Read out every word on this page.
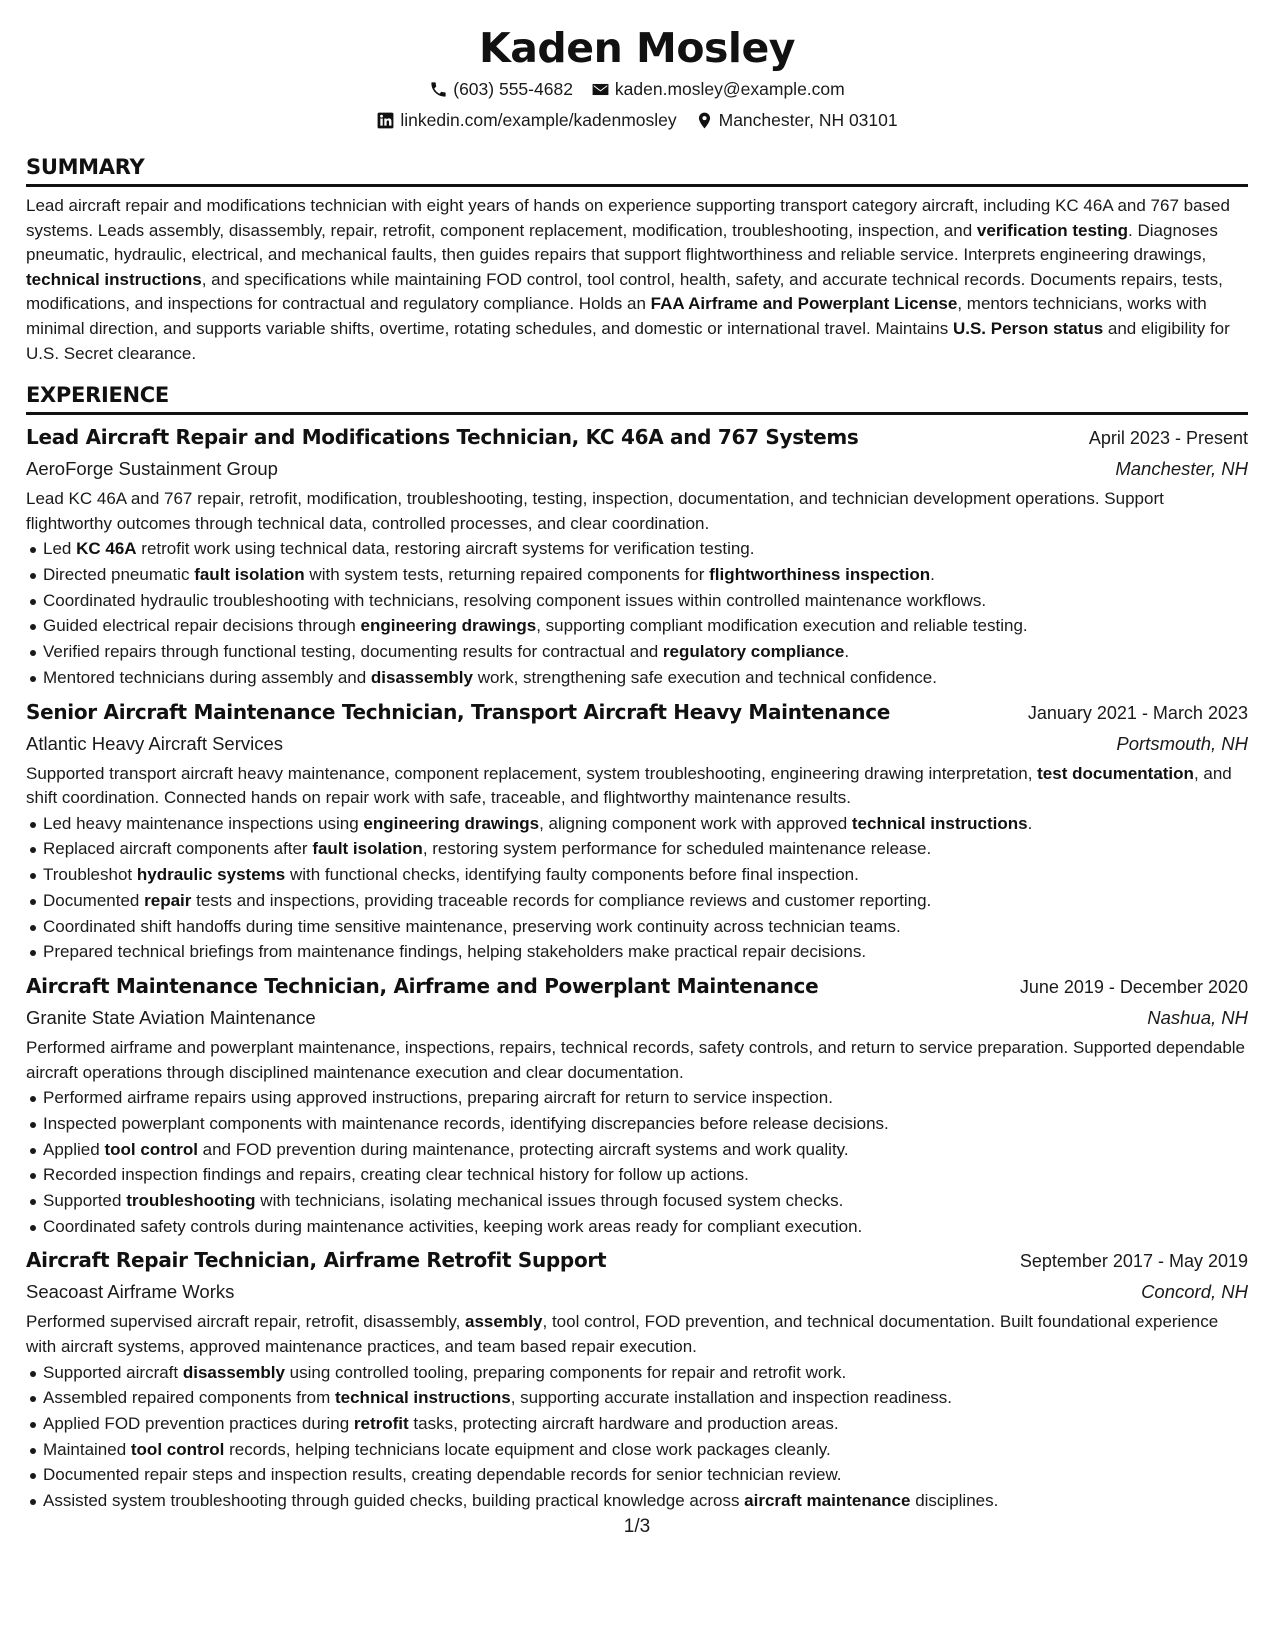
Kaden Mosley
(603) 555-4682 kaden.mosley@example.com
linkedin.com/example/kadenmosley Manchester, NH 03101
SUMMARY

Lead aircraft repair and modifications technician with eight years of hands on experience supporting transport category aircraft, including KC 46A and 767 based systems. Leads assembly, disassembly, repair, retrofit, component replacement, modification, troubleshooting, inspection, and verification testing. Diagnoses pneumatic, hydraulic, electrical, and mechanical faults, then guides repairs that support flightworthiness and reliable service. Interprets engineering drawings, technical instructions, and specifications while maintaining FOD control, tool control, health, safety, and accurate technical records. Documents repairs, tests, modifications, and inspections for contractual and regulatory compliance. Holds an FAA Airframe and Powerplant License, mentors technicians, works with minimal direction, and supports variable shifts, overtime, rotating schedules, and domestic or international travel. Maintains U.S. Person status and eligibility for U.S. Secret clearance.

EXPERIENCE
Lead Aircraft Repair and Modifications Technician, KC 46A and 767 Systems	April 2023 - Present
AeroForge Sustainment Group	Manchester, NH

Lead KC 46A and 767 repair, retrofit, modification, troubleshooting, testing, inspection, documentation, and technician development operations. Support flightworthy outcomes through technical data, controlled processes, and clear coordination.

Led KC 46A retrofit work using technical data, restoring aircraft systems for verification testing.
Directed pneumatic fault isolation with system tests, returning repaired components for flightworthiness inspection.
Coordinated hydraulic troubleshooting with technicians, resolving component issues within controlled maintenance workflows.
Guided electrical repair decisions through engineering drawings, supporting compliant modification execution and reliable testing.
Verified repairs through functional testing, documenting results for contractual and regulatory compliance.
Mentored technicians during assembly and disassembly work, strengthening safe execution and technical confidence.
Senior Aircraft Maintenance Technician, Transport Aircraft Heavy Maintenance	January 2021 - March 2023
Atlantic Heavy Aircraft Services	Portsmouth, NH

Supported transport aircraft heavy maintenance, component replacement, system troubleshooting, engineering drawing interpretation, test documentation, and shift coordination. Connected hands on repair work with safe, traceable, and flightworthy maintenance results.

Led heavy maintenance inspections using engineering drawings, aligning component work with approved technical instructions.
Replaced aircraft components after fault isolation, restoring system performance for scheduled maintenance release.
Troubleshot hydraulic systems with functional checks, identifying faulty components before final inspection.
Documented repair tests and inspections, providing traceable records for compliance reviews and customer reporting.
Coordinated shift handoffs during time sensitive maintenance, preserving work continuity across technician teams.
Prepared technical briefings from maintenance findings, helping stakeholders make practical repair decisions.
Aircraft Maintenance Technician, Airframe and Powerplant Maintenance	June 2019 - December 2020
Granite State Aviation Maintenance	Nashua, NH

Performed airframe and powerplant maintenance, inspections, repairs, technical records, safety controls, and return to service preparation. Supported dependable aircraft operations through disciplined maintenance execution and clear documentation.

Performed airframe repairs using approved instructions, preparing aircraft for return to service inspection.
Inspected powerplant components with maintenance records, identifying discrepancies before release decisions.
Applied tool control and FOD prevention during maintenance, protecting aircraft systems and work quality.
Recorded inspection findings and repairs, creating clear technical history for follow up actions.
Supported troubleshooting with technicians, isolating mechanical issues through focused system checks.
Coordinated safety controls during maintenance activities, keeping work areas ready for compliant execution.
Aircraft Repair Technician, Airframe Retrofit Support	September 2017 - May 2019
Seacoast Airframe Works	Concord, NH

Performed supervised aircraft repair, retrofit, disassembly, assembly, tool control, FOD prevention, and technical documentation. Built foundational experience with aircraft systems, approved maintenance practices, and team based repair execution.

Supported aircraft disassembly using controlled tooling, preparing components for repair and retrofit work.
Assembled repaired components from technical instructions, supporting accurate installation and inspection readiness.
Applied FOD prevention practices during retrofit tasks, protecting aircraft hardware and production areas.
Maintained tool control records, helping technicians locate equipment and close work packages cleanly.
Documented repair steps and inspection results, creating dependable records for senior technician review.
Assisted system troubleshooting through guided checks, building practical knowledge across aircraft maintenance disciplines.
1/3
